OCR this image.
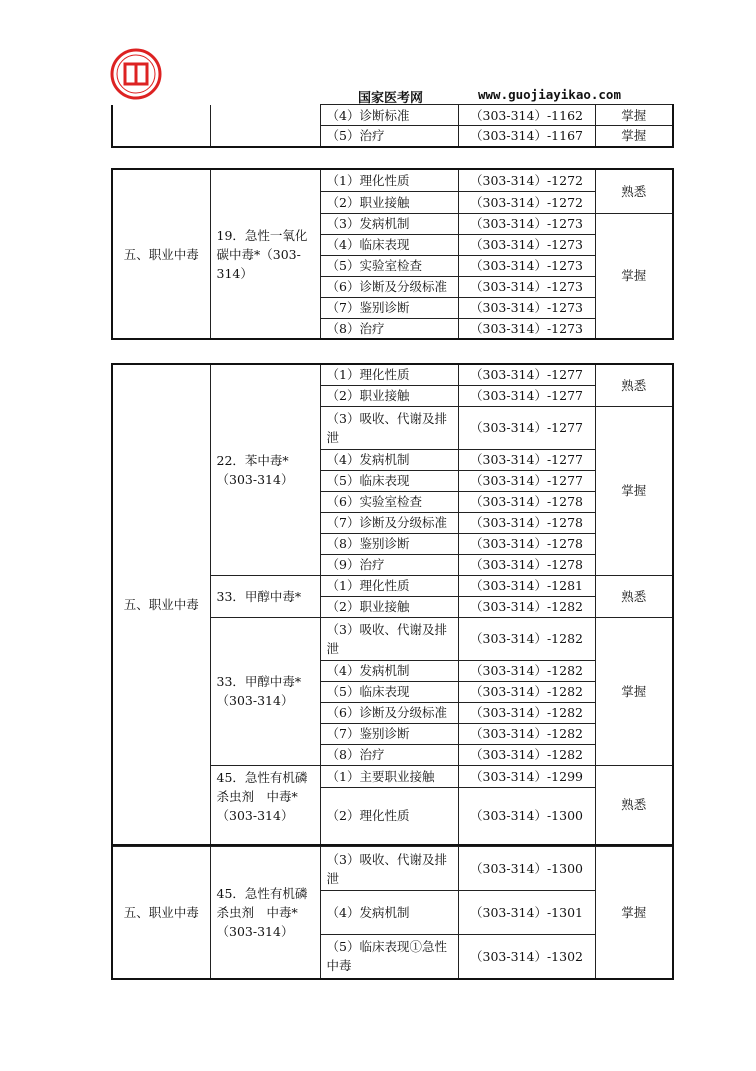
国家医考网	www.guojiayikao.com
		（4）诊断标准	（303-314）-1162	掌握
		（5）治疗	（303-314）-1167	掌握
五、职业中毒	19．急性一氧化碳中毒*（303-314）	（1）理化性质	（303-314）-1272	熟悉
		（2）职业接触	（303-314）-1272	
		（3）发病机制	（303-314）-1273	掌握
		（4）临床表现	（303-314）-1273	
		（5）实验室检查	（303-314）-1273	
		（6）诊断及分级标准	（303-314）-1273	
		（7）鉴别诊断	（303-314）-1273	
		（8）治疗	（303-314）-1273	
五、职业中毒	22．苯中毒*（303-314）	（1）理化性质	（303-314）-1277	熟悉
		（2）职业接触	（303-314）-1277	
		（3）吸收、代谢及排泄	（303-314）-1277	掌握
		（4）发病机制	（303-314）-1277	
		（5）临床表现	（303-314）-1277	
		（6）实验室检查	（303-314）-1278	
		（7）诊断及分级标准	（303-314）-1278	
		（8）鉴别诊断	（303-314）-1278	
		（9）治疗	（303-314）-1278	
	33．甲醇中毒*	（1）理化性质	（303-314）-1281	熟悉
		（2）职业接触	（303-314）-1282	
	33．甲醇中毒*（303-314）	（3）吸收、代谢及排泄	（303-314）-1282	掌握
		（4）发病机制	（303-314）-1282	
		（5）临床表现	（303-314）-1282	
		（6）诊断及分级标准	（303-314）-1282	
		（7）鉴别诊断	（303-314）-1282	
		（8）治疗	（303-314）-1282	
	45．急性有机磷杀虫剂　中毒*（303-314）	（1）主要职业接触	（303-314）-1299	熟悉
		（2）理化性质	（303-314）-1300	
五、职业中毒	45．急性有机磷杀虫剂　中毒*（303-314）	（3）吸收、代谢及排泄	（303-314）-1300	掌握
		（4）发病机制	（303-314）-1301	
		（5）临床表现①急性中毒	（303-314）-1302	
